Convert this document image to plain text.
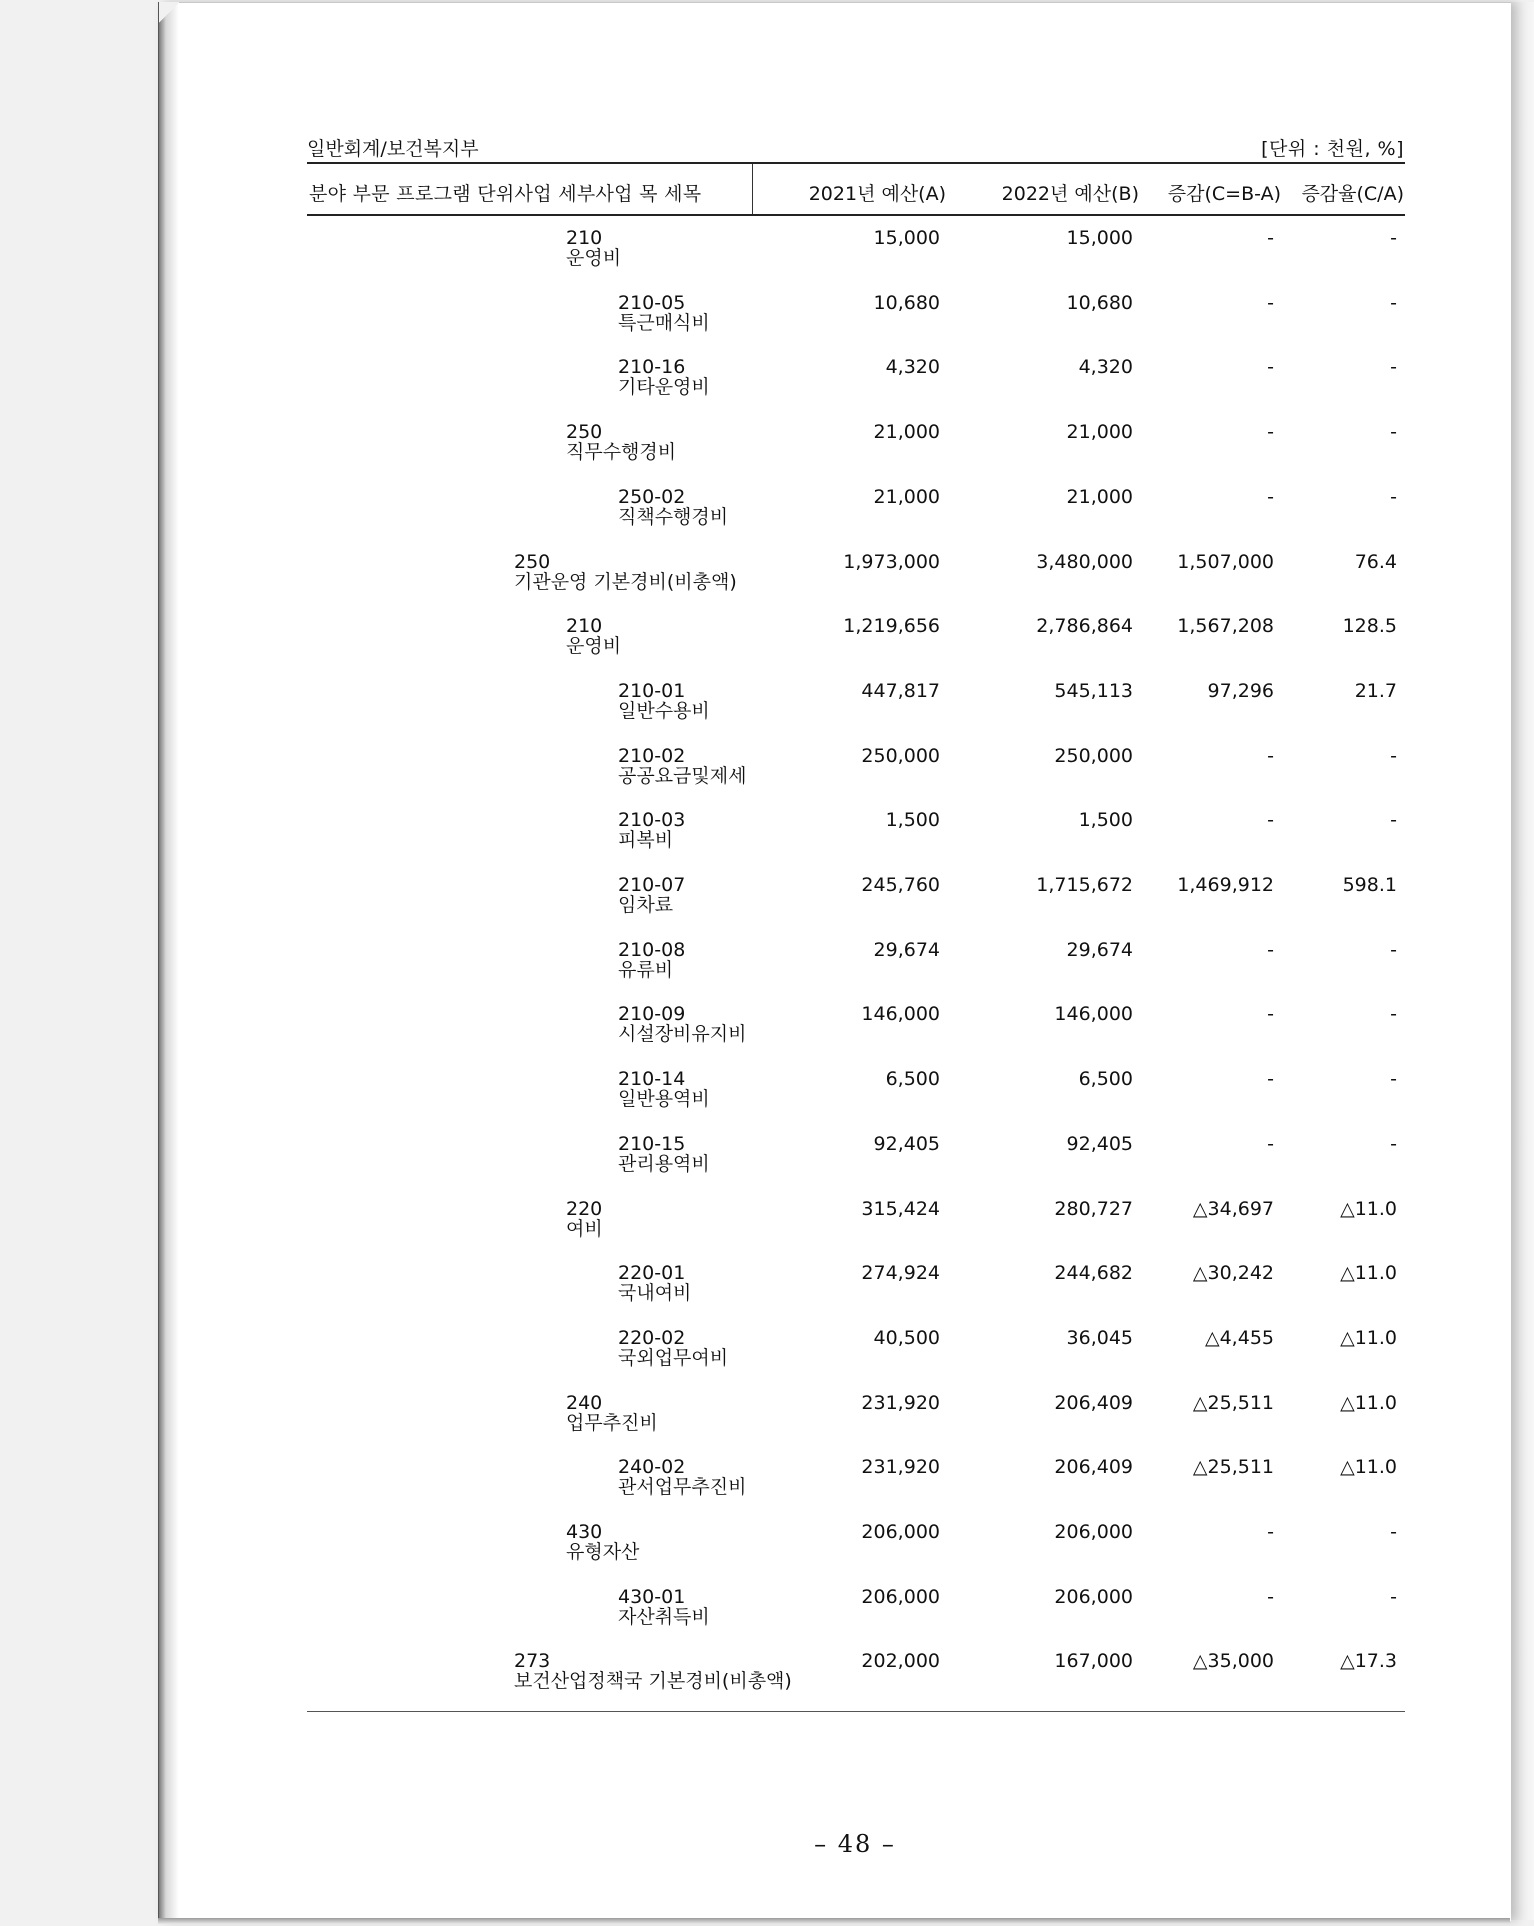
일반회계/보건복지부	[단위 : 천원, %]
분야 부문 프로그램 단위사업 세부사업 목 세목	2021년 예산(A)	2022년 예산(B) 증감(C=B-A) 증감율(C/A)
210
운영비
15,000	15,000	-	-
210-05
특근매식비
10,680	10,680	-	-
210-16
기타운영비
4,320	4,320	-	-
250
직무수행경비
21,000	21,000	-	-
250-02
직책수행경비
21,000	21,000	-	-
250
기관운영 기본경비(비총액)
1,973,000	3,480,000 1,507,000	76.4
210
운영비
1,219,656	2,786,864 1,567,208	128.5
210-01
일반수용비
447,817	545,113	97,296	21.7
210-02
공공요금및제세
250,000	250,000	-	-
210-03
피복비
1,500	1,500	-	-
210-07
임차료
245,760	1,715,672 1,469,912	598.1
210-08
유류비
29,674	29,674	-	-
210-09
시설장비유지비
146,000	146,000	-	-
210-14
일반용역비
6,500	6,500	-	-
210-15
관리용역비
92,405	92,405	-	-
220
여비
315,424	280,727	△34,697	△11.0
220-01
국내여비
274,924	244,682	△30,242	△11.0
220-02
국외업무여비
40,500	36,045	△4,455	△11.0
240
업무추진비
231,920	206,409	△25,511	△11.0
240-02
관서업무추진비
231,920	206,409	△25,511	△11.0
430
유형자산
206,000	206,000	-	-
430-01
자산취득비
206,000	206,000	-	-
273
보건산업정책국 기본경비(비총액)
202,000	167,000	△35,000	△17.3
– 48 –
